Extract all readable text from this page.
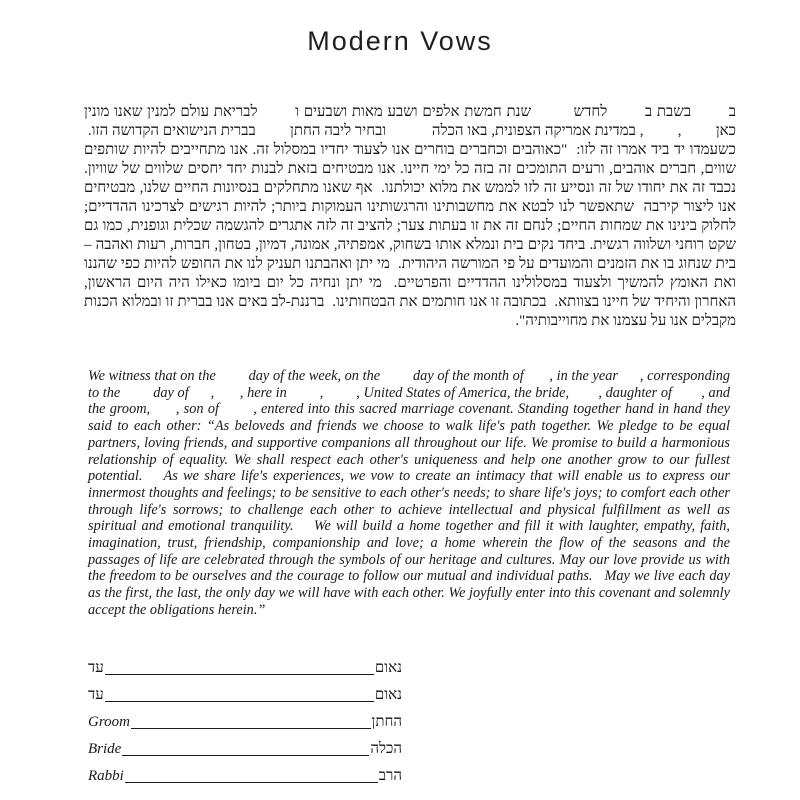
Modern Vows

ב        בשבת ב        לחדש         שנת חמשת אלפים ושבע מאות ושבעים ו        לבריאת עולם למנין שאנו מונין כאן         ,         , במדינת אמריקה הצפונית, באו הכלה            ובחיר ליבה החתן         בברית הנישואים הקדושה הזו.  כשעמדו יד ביד אמרו זה לזו:  "כאוהבים וכחברים בוחרים אנו לצעוד יחדיו במסלול זה. אנו מתחייבים להיות שותפים שווים, חברים אוהבים, ורעים התומכים זה בזה כל ימי חיינו. אנו מבטיחים בזאת לבנות יחד יחסים שלווים של שוויון. נכבד זה את יחודו של זה ונסייע זה לזו לממש את מלוא יכולתנו.  אף שאנו מתחלקים בנסיונות החיים שלנו, מבטיחים אנו ליצור קירבה  שתאפשר לנו לבטא את מחשבותינו והרגשותינו העמוקות ביותר; להיות רגישים לצרכינו ההדדיים; לחלוק בינינו את שמחות החיים; לנחם זה את זו בעתות צער; להציב זה לזה אתגרים להגשמה שכלית וגופנית, כמו גם שקט רוחני ושלווה רגשית. ביחד נקים בית ונמלא אותו בשחוק, אמפתיה, אמונה, דמיון, בטחון, חברות, רעות ואהבה – בית שנחוג בו את הזמנים והמועדים על פי המורשה היהודית.  מי יתן ואהבתנו תעניק לנו את החופש להיות כפי שהננו ואת האומץ להמשיך ולצעוד במסלולינו ההדדיים והפרטיים.  מי יתן ונחיה כל יום ביומו כאילו היה היום הראשון, האחרון והיחיד של חיינו בצוותא.  בכתובה זו אנו חותמים את הבטחותינו.  ברננת-לב באים אנו בברית זו ובמלוא הכנות מקבלים אנו על עצמנו את מחוייבותיה".

We witness that on the         day of the week, on the         day of the month of       , in the year      , corresponding to the         day of      ,       , here in         ,         , United States of America, the bride,        , daughter of        , and the groom,      , son of        , entered into this sacred marriage covenant. Standing together hand in hand they said to each other: “As beloveds and friends we choose to walk life's path together. We pledge to be equal partners, loving friends, and supportive companions all throughout our life. We promise to build a harmonious relationship of equality. We shall respect each other's uniqueness and help one another grow to our fullest potential.    As we share life's experiences, we vow to create an intimacy that will enable us to express our innermost thoughts and feelings; to be sensitive to each other's needs; to share life's joys; to comfort each other through life's sorrows; to challenge each other to achieve intellectual and physical fulfillment as well as spiritual and emotional tranquility.    We will build a home together and fill it with laughter, empathy, faith, imagination, trust, friendship, companionship and love; a home wherein the flow of the seasons and the passages of life are celebrated through the symbols of our heritage and cultures. May our love provide us with the freedom to be ourselves and the courage to follow our mutual and individual paths.   May we live each day as the first, the last, the only day we will have with each other. We joyfully enter into this covenant and solemnly accept the obligations herein.”

עד	נאום
עד	נאום
Groom	החתן
Bride	הכלה
Rabbi	הרב
